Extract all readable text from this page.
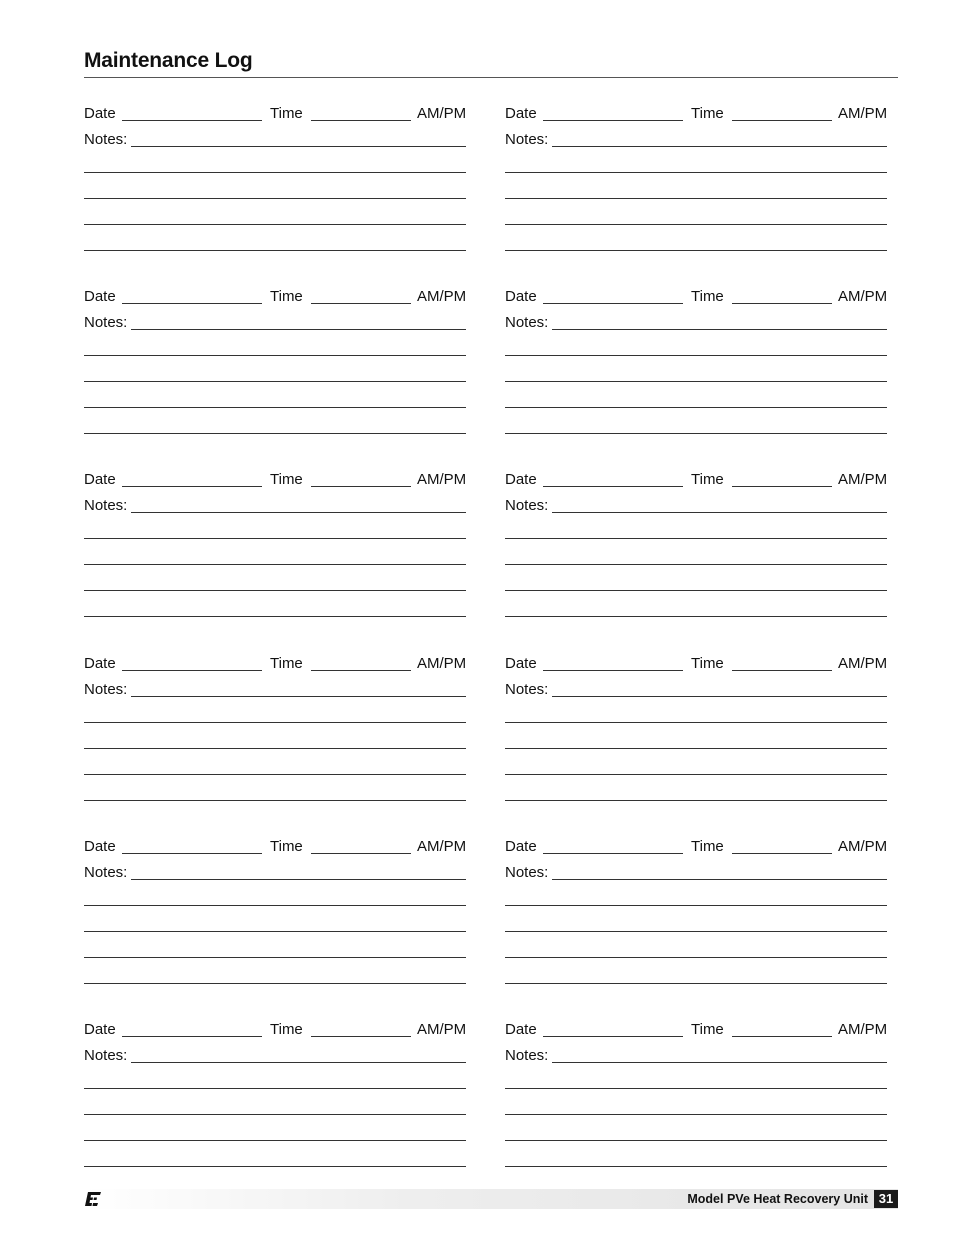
Maintenance Log
Date	Time	AM/PM
Notes:
Date	Time	AM/PM
Notes:
Date	Time	AM/PM
Notes:
Date	Time	AM/PM
Notes:
Date	Time	AM/PM
Notes:
Date	Time	AM/PM
Notes:
Date	Time	AM/PM
Notes:
Date	Time	AM/PM
Notes:
Date	Time	AM/PM
Notes:
Date	Time	AM/PM
Notes:
Date	Time	AM/PM
Notes:
Date	Time	AM/PM
Notes:
Model PVe Heat Recovery Unit 31
